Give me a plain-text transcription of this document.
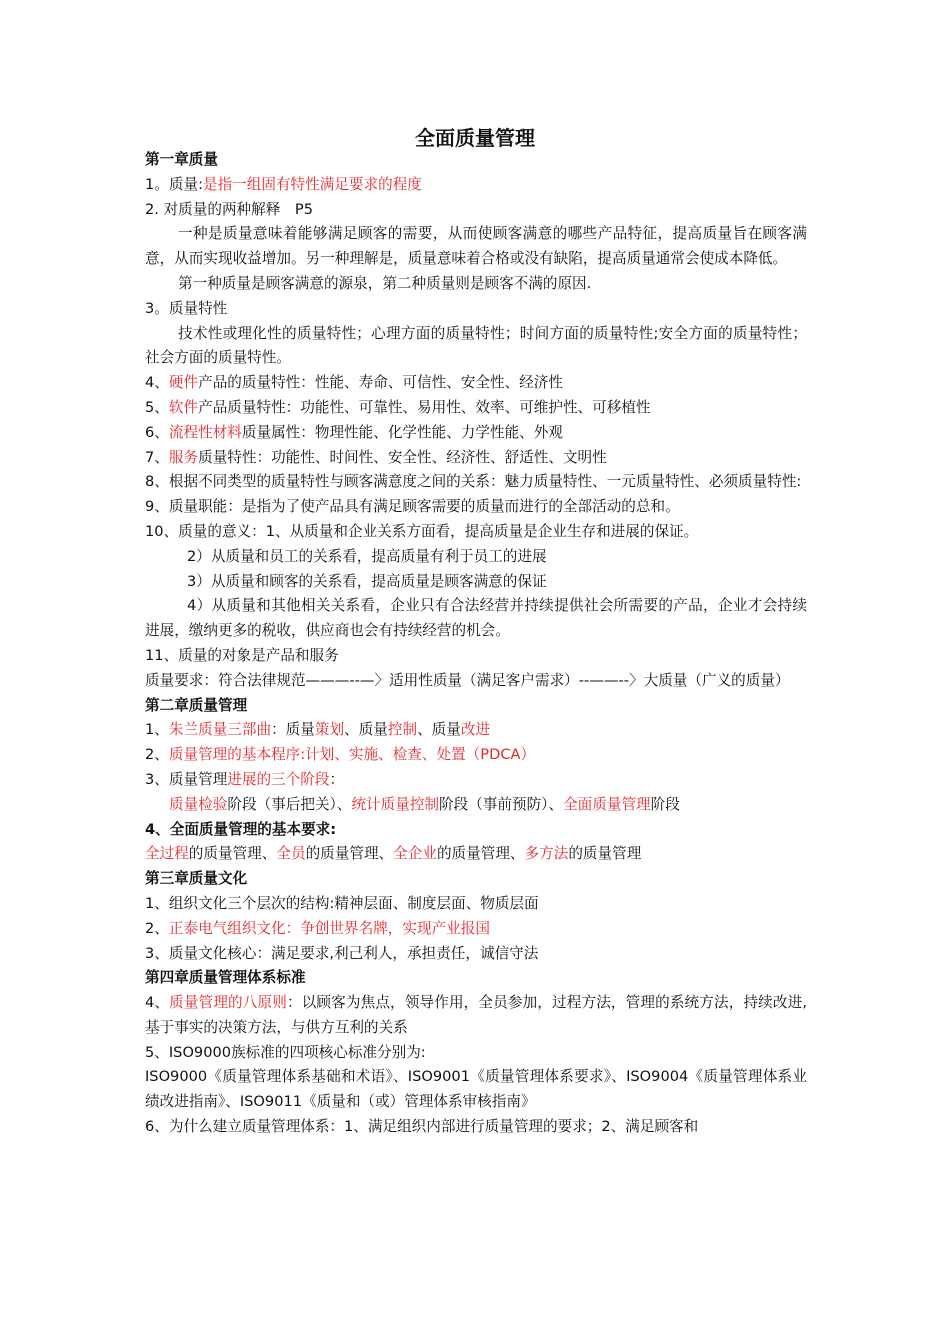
全面质量管理

第一章质量

1。质量:是指一组固有特性满足要求的程度

2. 对质量的两种解释　P5

一种是质量意味着能够满足顾客的需要，从而使顾客满意的哪些产品特征，提高质量旨在顾客满意，从而实现收益增加。另一种理解是，质量意味着合格或没有缺陷，提高质量通常会使成本降低。

第一种质量是顾客满意的源泉，第二种质量则是顾客不满的原因.

3。质量特性

技术性或理化性的质量特性；心理方面的质量特性；时间方面的质量特性;安全方面的质量特性；社会方面的质量特性。

4、硬件产品的质量特性：性能、寿命、可信性、安全性、经济性

5、软件产品质量特性：功能性、可靠性、易用性、效率、可维护性、可移植性

6、流程性材料质量属性：物理性能、化学性能、力学性能、外观

7、服务质量特性：功能性、时间性、安全性、经济性、舒适性、文明性

8、根据不同类型的质量特性与顾客满意度之间的关系：魅力质量特性、一元质量特性、必须质量特性:

9、质量职能：是指为了使产品具有满足顾客需要的质量而进行的全部活动的总和。

10、质量的意义：1、从质量和企业关系方面看，提高质量是企业生存和进展的保证。

2）从质量和员工的关系看，提高质量有利于员工的进展

3）从质量和顾客的关系看，提高质量是顾客满意的保证

4）从质量和其他相关关系看，企业只有合法经营并持续提供社会所需要的产品，企业才会持续进展，缴纳更多的税收，供应商也会有持续经营的机会。

11、质量的对象是产品和服务

质量要求：符合法律规范———--—〉适用性质量（满足客户需求）--——--〉大质量（广义的质量）

第二章质量管理

1、朱兰质量三部曲：质量策划、质量控制、质量改进

2、质量管理的基本程序:计划、实施、检查、处置（PDCA）

3、质量管理进展的三个阶段：

质量检验阶段（事后把关）、统计质量控制阶段（事前预防）、全面质量管理阶段

4、全面质量管理的基本要求:

全过程的质量管理、全员的质量管理、全企业的质量管理、多方法的质量管理

第三章质量文化

1、组织文化三个层次的结构:精神层面、制度层面、物质层面

2、正泰电气组织文化：争创世界名牌，实现产业报国

3、质量文化核心：满足要求,利己利人，承担责任，诚信守法

第四章质量管理体系标准

4、质量管理的八原则：以顾客为焦点，领导作用，全员参加，过程方法，管理的系统方法，持续改进,基于事实的决策方法，与供方互利的关系

5、ISO9000族标准的四项核心标准分别为:

ISO9000《质量管理体系基础和术语》、ISO9001《质量管理体系要求》、ISO9004《质量管理体系业绩改进指南》、ISO9011《质量和（或）管理体系审核指南》

6、为什么建立质量管理体系：1、满足组织内部进行质量管理的要求；2、满足顾客和
